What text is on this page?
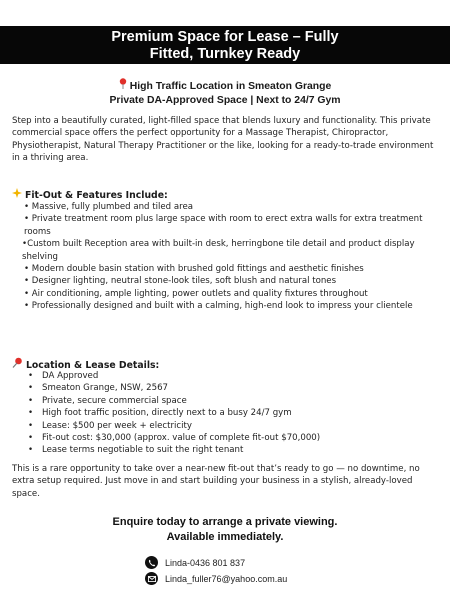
Premium Space for Lease – Fully
Fitted, Turnkey Ready
High Traffic Location in Smeaton Grange
Private DA-Approved Space | Next to 24/7 Gym

Step into a beautifully curated, light-filled space that blends luxury and functionality. This private commercial space offers the perfect opportunity for a Massage Therapist, Chiropractor, Physiotherapist, Natural Therapy Practitioner or the like, looking for a ready-to-trade environment in a thriving area.

Fit-Out & Features Include:
• Massive, fully plumbed and tiled area
• Private treatment room plus large space with room to erect extra walls for extra treatment rooms
•Custom built Reception area with built-in desk, herringbone tile detail and product display shelving
• Modern double basin station with brushed gold fittings and aesthetic finishes
• Designer lighting, neutral stone-look tiles, soft blush and natural tones
• Air conditioning, ample lighting, power outlets and quality fixtures throughout
• Professionally designed and built with a calming, high-end look to impress your clientele
Location & Lease Details:
• DA Approved
• Smeaton Grange, NSW, 2567
• Private, secure commercial space
• High foot traffic position, directly next to a busy 24/7 gym
• Lease: $500 per week + electricity
• Fit-out cost: $30,000 (approx. value of complete fit-out $70,000)
• Lease terms negotiable to suit the right tenant

This is a rare opportunity to take over a near-new fit-out that’s ready to go — no downtime, no extra setup required. Just move in and start building your business in a stylish, already-loved space.

Enquire today to arrange a private viewing.
Available immediately.
Linda-0436 801 837
Linda_fuller76@yahoo.com.au
